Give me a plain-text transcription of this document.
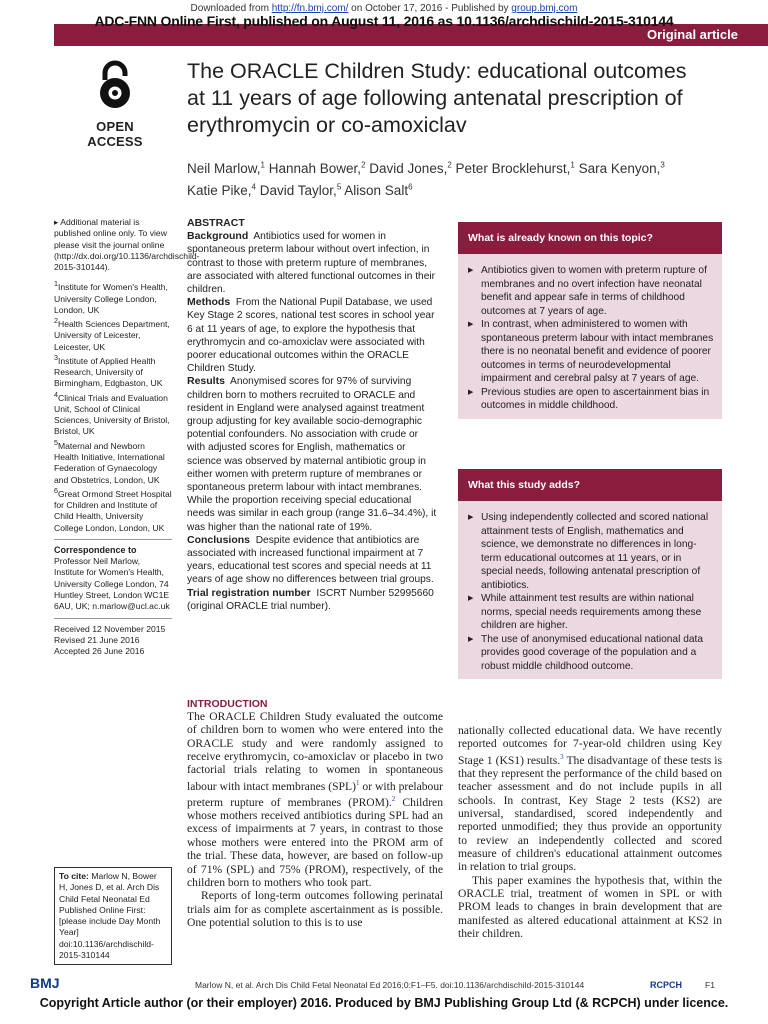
Downloaded from http://fn.bmj.com/ on October 17, 2016 - Published by group.bmj.com
ADC-FNN Online First, published on August 11, 2016 as 10.1136/archdischild-2015-310144
Original article
OPEN ACCESS
The ORACLE Children Study: educational outcomes at 11 years of age following antenatal prescription of erythromycin or co-amoxiclav
Neil Marlow,$^1$ Hannah Bower,$^2$ David Jones,$^2$ Peter Brocklehurst,$^1$ Sara Kenyon,$^3$
Katie Pike,$^4$ David Taylor,$^5$ Alison Salt$^6$

▸ Additional material is published online only. To view please visit the journal online (http://dx.doi.org/10.1136/archdischild-2015-310144).

$^1$Institute for Women's Health, University College London, London, UK

$^2$Health Sciences Department, University of Leicester, Leicester, UK

$^3$Institute of Applied Health Research, University of Birmingham, Edgbaston, UK

$^4$Clinical Trials and Evaluation Unit, School of Clinical Sciences, University of Bristol, Bristol, UK

$^5$Maternal and Newborn Health Initiative, International Federation of Gynaecology and Obstetrics, London, UK

$^6$Great Ormond Street Hospital for Children and Institute of Child Health, University College London, London, UK

Correspondence to

Professor Neil Marlow, Institute for Women's Health, University College London, 74 Huntley Street, London WC1E 6AU, UK; n.marlow@ucl.ac.uk

Received 12 November 2015

Revised 21 June 2016

Accepted 26 June 2016

ABSTRACT

Background Antibiotics used for women in spontaneous preterm labour without overt infection, in contrast to those with preterm rupture of membranes, are associated with altered functional outcomes in their children.

Methods From the National Pupil Database, we used Key Stage 2 scores, national test scores in school year 6 at 11 years of age, to explore the hypothesis that erythromycin and co-amoxiclav were associated with poorer educational outcomes within the ORACLE Children Study.

Results Anonymised scores for 97% of surviving children born to mothers recruited to ORACLE and resident in England were analysed against treatment group adjusting for key available socio-demographic potential confounders. No association with crude or with adjusted scores for English, mathematics or science was observed by maternal antibiotic group in either women with preterm rupture of membranes or spontaneous preterm labour with intact membranes. While the proportion receiving special educational needs was similar in each group (range 31.6–34.4%), it was higher than the national rate of 19%.

Conclusions Despite evidence that antibiotics are associated with increased functional impairment at 7 years, educational test scores and special needs at 11 years of age show no differences between trial groups.

Trial registration number ISCRT Number 52995660 (original ORACLE trial number).

What is already known on this topic?
▶ Antibiotics given to women with preterm rupture of membranes and no overt infection have neonatal benefit and appear safe in terms of childhood outcomes at 7 years of age.
▶ In contrast, when administered to women with spontaneous preterm labour with intact membranes there is no neonatal benefit and evidence of poorer outcomes in terms of neurodevelopmental impairment and cerebral palsy at 7 years of age.
▶ Previous studies are open to ascertainment bias in outcomes in middle childhood.
What this study adds?
▶ Using independently collected and scored national attainment tests of English, mathematics and science, we demonstrate no differences in long-term educational outcomes at 11 years, or in special needs, following antenatal prescription of antibiotics.
▶ While attainment test results are within national norms, special needs requirements among these children are higher.
▶ The use of anonymised educational national data provides good coverage of the population and a robust middle childhood outcome.
INTRODUCTION

The ORACLE Children Study evaluated the outcome of children born to women who were entered into the ORACLE study and were randomly assigned to receive erythromycin, co-amoxiclav or placebo in two factorial trials relating to women in spontaneous labour with intact membranes (SPL)$^1$ or with prelabour preterm rupture of membranes (PROM).$^2$ Children whose mothers received antibiotics during SPL had an excess of impairments at 7 years, in contrast to those whose mothers were entered into the PROM arm of the trial. These data, however, are based on follow-up of 71% (SPL) and 75% (PROM), respectively, of the children born to mothers who took part.

Reports of long-term outcomes following perinatal trials aim for as complete ascertainment as is possible. One potential solution to this is to use

nationally collected educational data. We have recently reported outcomes for 7-year-old children using Key Stage 1 (KS1) results.$^3$ The disadvantage of these tests is that they represent the performance of the child based on teacher assessment and do not include pupils in all schools. In contrast, Key Stage 2 tests (KS2) are universal, standardised, scored independently and reported unmodified; they thus provide an opportunity to review an independently collected and scored measure of children's educational attainment outcomes in relation to trial groups.

This paper examines the hypothesis that, within the ORACLE trial, treatment of women in SPL or with PROM leads to changes in brain development that are manifested as altered educational attainment at KS2 in their children.

To cite: Marlow N, Bower H, Jones D, et al. Arch Dis Child Fetal Neonatal Ed Published Online First: [please include Day Month Year] doi:10.1136/archdischild-2015-310144
BMJ	Marlow N, et al. Arch Dis Child Fetal Neonatal Ed 2016;0:F1–F5. doi:10.1136/archdischild-2015-310144	RCPCH	F1
Copyright Article author (or their employer) 2016. Produced by BMJ Publishing Group Ltd (& RCPCH) under licence.
